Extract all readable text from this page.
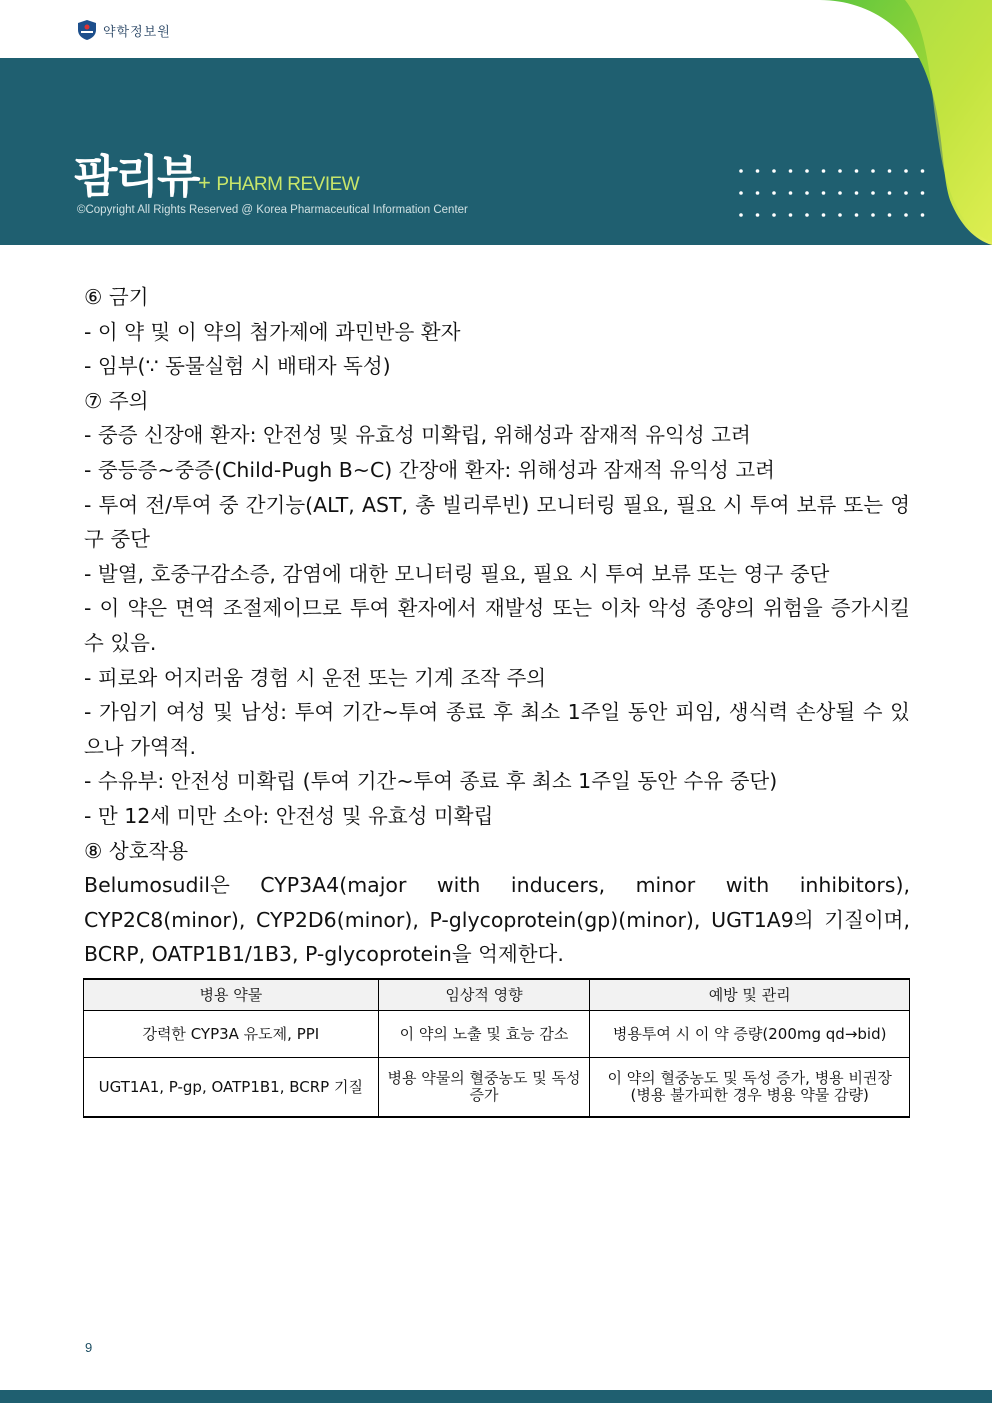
약학정보원
팜리뷰 + PHARM REVIEW
©Copyright All Rights Reserved @ Korea Pharmaceutical Information Center

⑥ 금기

- 이 약 및 이 약의 첨가제에 과민반응 환자

- 임부(∵ 동물실험 시 배태자 독성)

⑦ 주의

- 중증 신장애 환자: 안전성 및 유효성 미확립, 위해성과 잠재적 유익성 고려

- 중등증~중증(Child-Pugh B~C) 간장애 환자: 위해성과 잠재적 유익성 고려

- 투여 전/투여 중 간기능(ALT, AST, 총 빌리루빈) 모니터링 필요, 필요 시 투여 보류 또는 영구 중단

- 발열, 호중구감소증, 감염에 대한 모니터링 필요, 필요 시 투여 보류 또는 영구 중단

- 이 약은 면역 조절제이므로 투여 환자에서 재발성 또는 이차 악성 종양의 위험을 증가시킬 수 있음.

- 피로와 어지러움 경험 시 운전 또는 기계 조작 주의

- 가임기 여성 및 남성: 투여 기간~투여 종료 후 최소 1주일 동안 피임, 생식력 손상될 수 있으나 가역적.

- 수유부: 안전성 미확립 (투여 기간~투여 종료 후 최소 1주일 동안 수유 중단)

- 만 12세 미만 소아: 안전성 및 유효성 미확립

⑧ 상호작용

Belumosudil은 CYP3A4(major with inducers, minor with inhibitors), CYP2C8(minor), CYP2D6(minor), P-glycoprotein(gp)(minor), UGT1A9의 기질이며, BCRP, OATP1B1/1B3, P-glycoprotein을 억제한다.

병용 약물	임상적 영향	예방 및 관리
강력한 CYP3A 유도제, PPI	이 약의 노출 및 효능 감소	병용투여 시 이 약 증량(200mg qd→bid)
UGT1A1, P-gp, OATP1B1, BCRP 기질	병용 약물의 혈중농도 및 독성 증가	이 약의 혈중농도 및 독성 증가, 병용 비권장 (병용 불가피한 경우 병용 약물 감량)
9
